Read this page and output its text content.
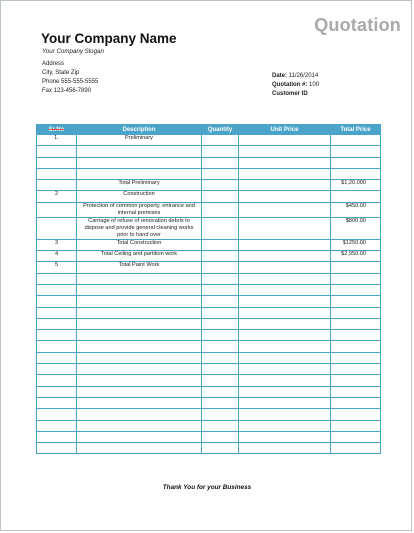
Quotation
Your Company Name
Your Company Slogan
Address
City, State Zip
Phone 555-555-5555
Fax 123-456-7890
Date: 11/26/2014
Quotation #: 100
Customer ID
Sr.No	Description	Quantity	Unit Price	Total Price
1.	Preliminary			

	Total Preliminary			$1,20.000
2	Construction			
	Protection of common property, entrance and internal premises			$450.00
	Carriage of refuse of renovation debris to dispose and provide general cleaning works prior to hand over			$800.00
3	Total Construction			$1250.00
4	Total Ceiling and partition work			$2,950.00
5	Total Paint Work			

Thank You for your Business
